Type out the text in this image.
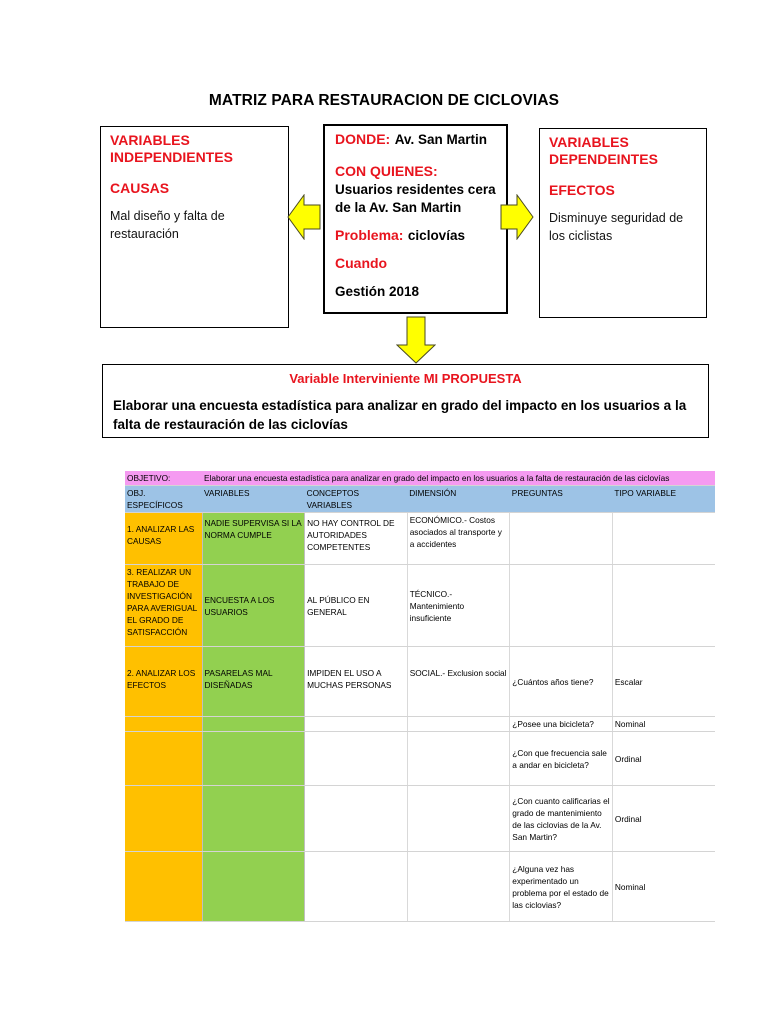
MATRIZ PARA RESTAURACION DE CICLOVIAS
VARIABLES INDEPENDIENTES
CAUSAS
Mal diseño y falta de restauración
DONDE: Av. San Martin
CON QUIENES: Usuarios residentes cera de la Av. San Martin
Problema: ciclovías
Cuando
Gestión 2018
VARIABLES DEPENDEINTES
EFECTOS
Disminuye seguridad de los ciclistas
Variable Interviniente MI PROPUESTA
Elaborar una encuesta estadística para analizar en grado del impacto en los usuarios a la falta de restauración de las ciclovías
OBJETIVO:	Elaborar una encuesta estadística para analizar en grado del impacto en los usuarios a la falta de restauración de las ciclovías				
OBJ. ESPECÍFICOS	VARIABLES	CONCEPTOS VARIABLES	DIMENSIÓN	PREGUNTAS	TIPO VARIABLE
1. ANALIZAR LAS CAUSAS	NADIE SUPERVISA SI LA NORMA CUMPLE	NO HAY CONTROL DE AUTORIDADES COMPETENTES	ECONÓMICO.- Costos asociados al transporte y a accidentes		
3. REALIZAR UN TRABAJO DE INVESTIGACIÓN PARA AVERIGUAL EL GRADO DE SATISFACCIÓN	ENCUESTA A LOS USUARIOS	AL PÚBLICO EN GENERAL	TÉCNICO.- Mantenimiento insuficiente		
2. ANALIZAR LOS EFECTOS	PASARELAS MAL DISEÑADAS	IMPIDEN EL USO A MUCHAS PERSONAS	SOCIAL.- Exclusion social	¿Cuántos años tiene?	Escalar
				¿Posee una bicicleta?	Nominal
				¿Con que frecuencia sale a andar en bicicleta?	Ordinal
				¿Con cuanto calificarias el grado de mantenimiento de las ciclovias de la Av. San Martin?	Ordinal
				¿Alguna vez has experimentado un problema por el estado de las ciclovias?	Nominal
